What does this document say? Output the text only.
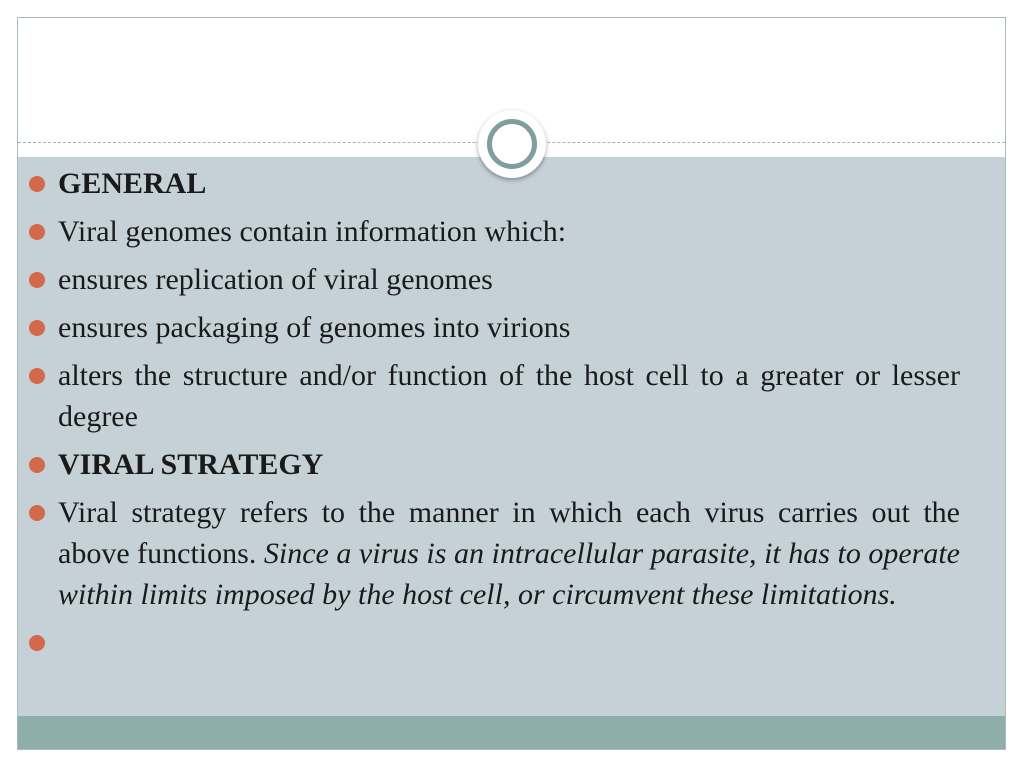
GENERAL
Viral genomes contain information which:
ensures replication of viral genomes
ensures packaging of genomes into virions
alters the structure and/or function of the host cell to a greater or lesser degree
VIRAL STRATEGY
Viral strategy refers to the manner in which each virus carries out the above functions. Since a virus is an intracellular parasite, it has to operate within limits imposed by the host cell, or circumvent these limitations.
